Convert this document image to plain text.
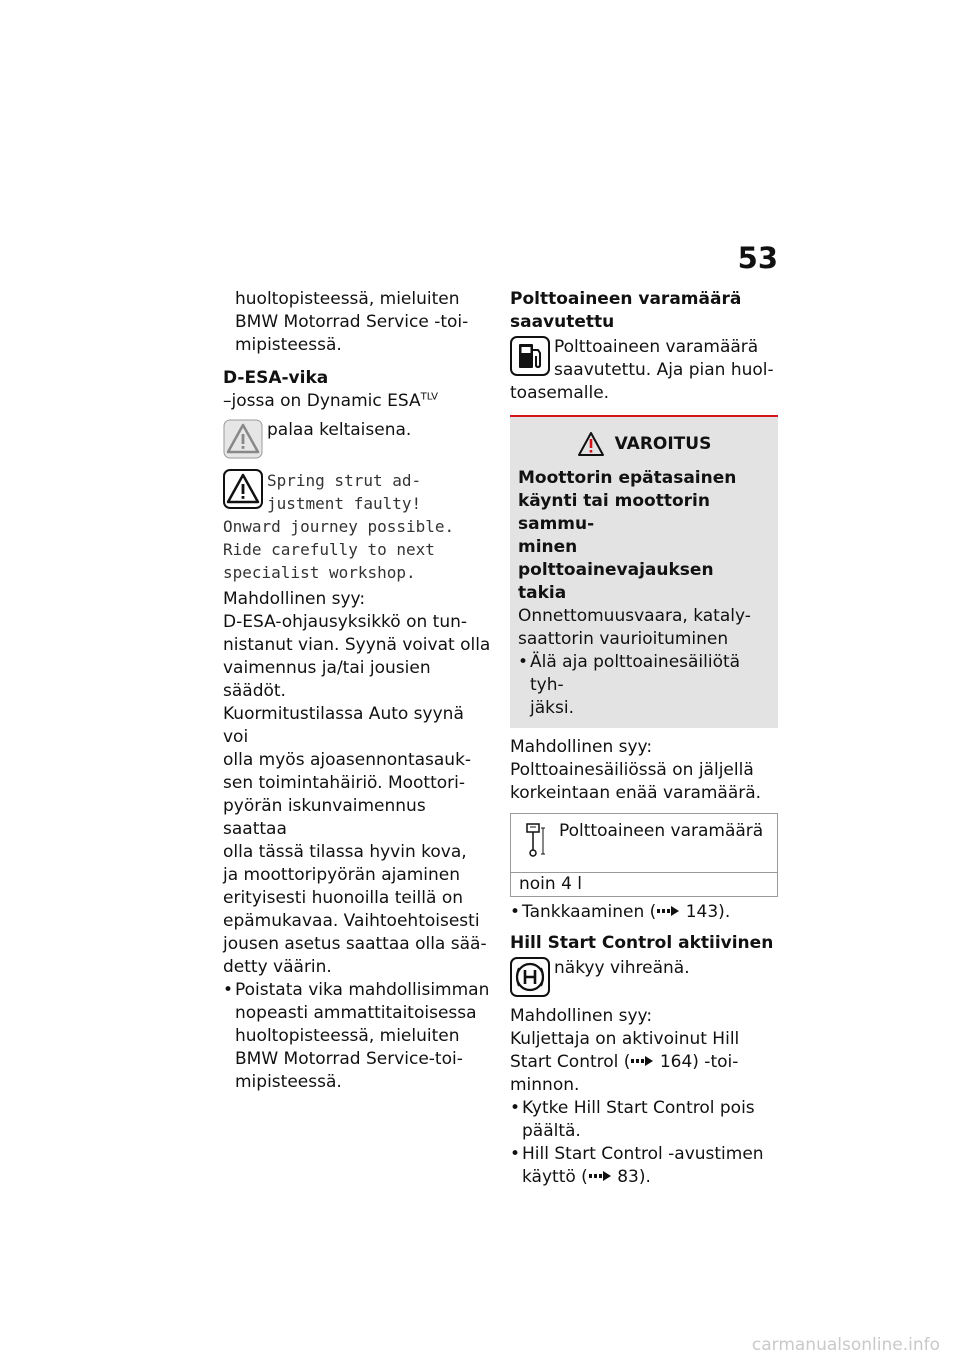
53

huoltopisteessä, mieluiten

BMW Motorrad Service -toi-

mipisteessä.

D-ESA-vika

–jossa on Dynamic $ESA^{TLV}$

palaa keltaisena.

Spring strut ad-

justment faulty!

Onward journey possible.

Ride carefully to next

specialist workshop.

Mahdollinen syy:

D-ESA-ohjausyksikkö on tun-

nistanut vian. Syynä voivat olla

vaimennus ja/tai jousien säädöt.

Kuormitustilassa Auto syynä voi

olla myös ajoasennontasauk-

sen toimintahäiriö. Moottori-

pyörän iskunvaimennus saattaa

olla tässä tilassa hyvin kova,

ja moottoripyörän ajaminen

erityisesti huonoilla teillä on

epämukavaa. Vaihtoehtoisesti

jousen asetus saattaa olla sää-

detty väärin.

• Poistata vika mahdollisimman

nopeasti ammattitaitoisessa

huoltopisteessä, mieluiten

BMW Motorrad Service-toi-

mipisteessä.

Polttoaineen varamäärä

saavutettu

Polttoaineen varamäärä

saavutettu. Aja pian huol-

toasemalle.

VAROITUS

Moottorin epätasainen

käynti tai moottorin sammu-

minen polttoainevajauksen

takia

Onnettomuusvaara, kataly-

saattorin vaurioituminen

• Älä aja polttoainesäiliötä tyh-

jäksi.

Mahdollinen syy:

Polttoainesäiliössä on jäljellä

korkeintaan enää varamäärä.

Polttoaineen varamäärä

noin 4 l
• Tankkaaminen ( 143).

Hill Start Control aktiivinen

näkyy vihreänä.

Mahdollinen syy:

Kuljettaja on aktivoinut Hill

Start Control ( 164) -toi-

minnon.

• Kytke Hill Start Control pois

päältä.

• Hill Start Control -avustimen

käyttö ( 83).

carmanualsonline.info
